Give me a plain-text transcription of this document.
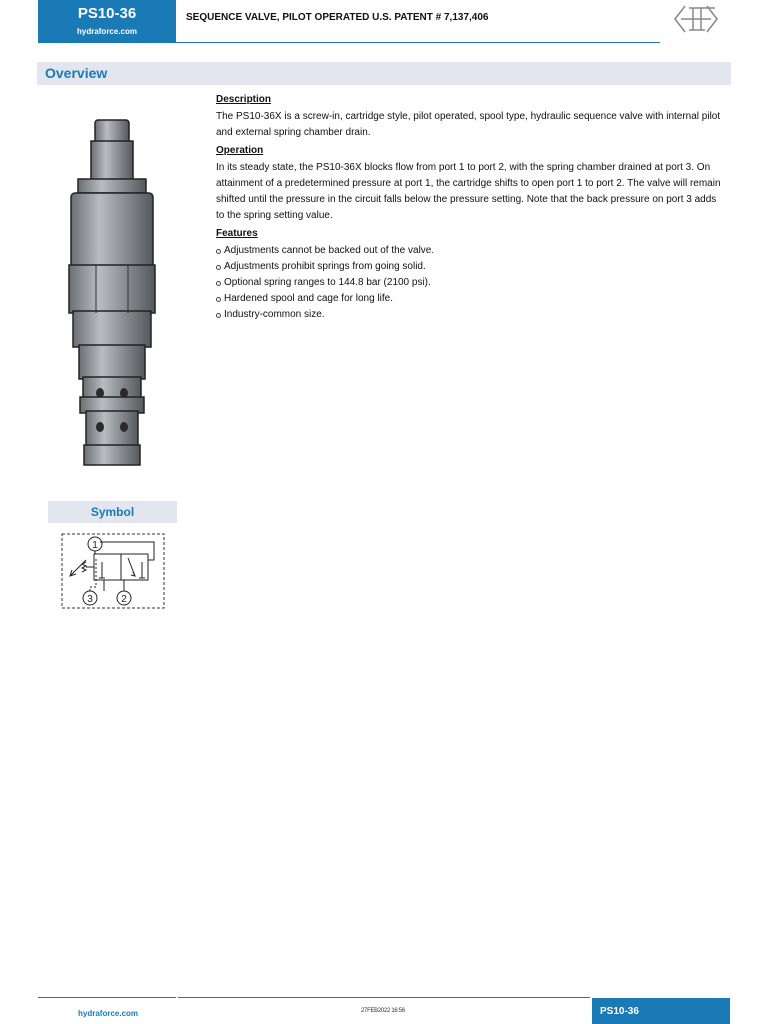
PS10-36
hydraforce.com
SEQUENCE VALVE, PILOT OPERATED U.S. PATENT # 7,137,406
Overview
Description

The PS10-36X is a screw-in, cartridge style, pilot operated, spool type, hydraulic sequence valve with internal pilot and external spring chamber drain.

Operation

In its steady state, the PS10-36X blocks flow from port 1 to port 2, with the spring chamber drained at port 3. On attainment of a predetermined pressure at port 1, the cartridge shifts to open port 1 to port 2. The valve will remain shifted until the pressure in the circuit falls below the pressure setting. Note that the back pressure on port 3 adds to the spring setting value.

Features
Adjustments cannot be backed out of the valve.
Adjustments prohibit springs from going solid.
Optional spring ranges to 144.8 bar (2100 psi).
Hardened spool and cage for long life.
Industry-common size.
Symbol
1
3	2
hydraforce.com	27FEB2022 16:56	PS10-36
